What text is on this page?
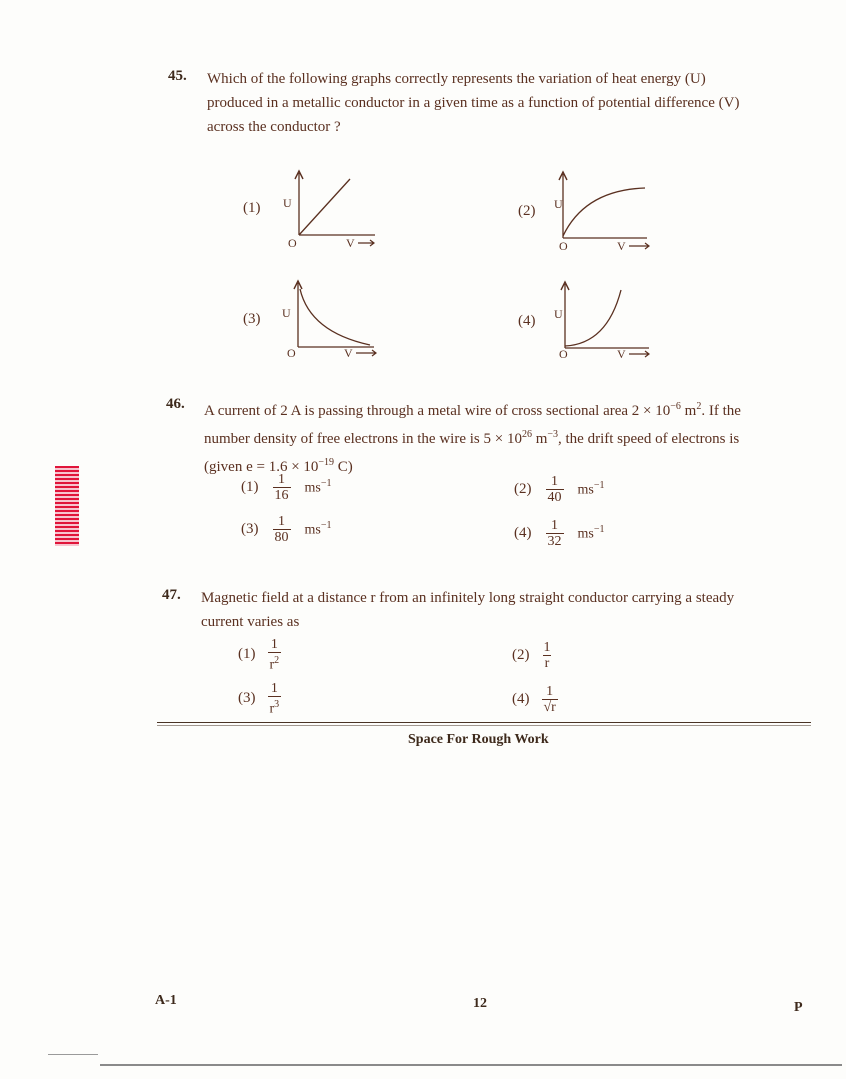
45. Which of the following graphs correctly represents the variation of heat energy (U)
produced in a metallic conductor in a given time as a function of potential difference (V)
across the conductor ?
(1) U
O	V
(2) U
O	V
(3) U
O	V
(4) U
O	V
46. A current of 2 A is passing through a metal wire of cross sectional area $2 \times 10^{-6}$ $m^2$. If the
number density of free electrons in the wire is $5 \times 10^{26}$ $m^{-3}$, the drift speed of electrons is
(given $e = 1.6 \times 10^{-19}$ C)
$(1) \frac{1}{16} ms^{-1}$	$(2) \frac{1}{40} ms^{-1}$
$(3) \frac{1}{80} ms^{-1}$	$(4) \frac{1}{32} ms^{-1}$
47. Magnetic field at a distance r from an infinitely long straight conductor carrying a steady
current varies as
$(1) \frac{1}{r^2}$	$(2) \frac{1}{r}$
$(3) \frac{1}{r^3}$	$(4) \frac{1}{√r}$
Space For Rough Work
A-1	12	P
